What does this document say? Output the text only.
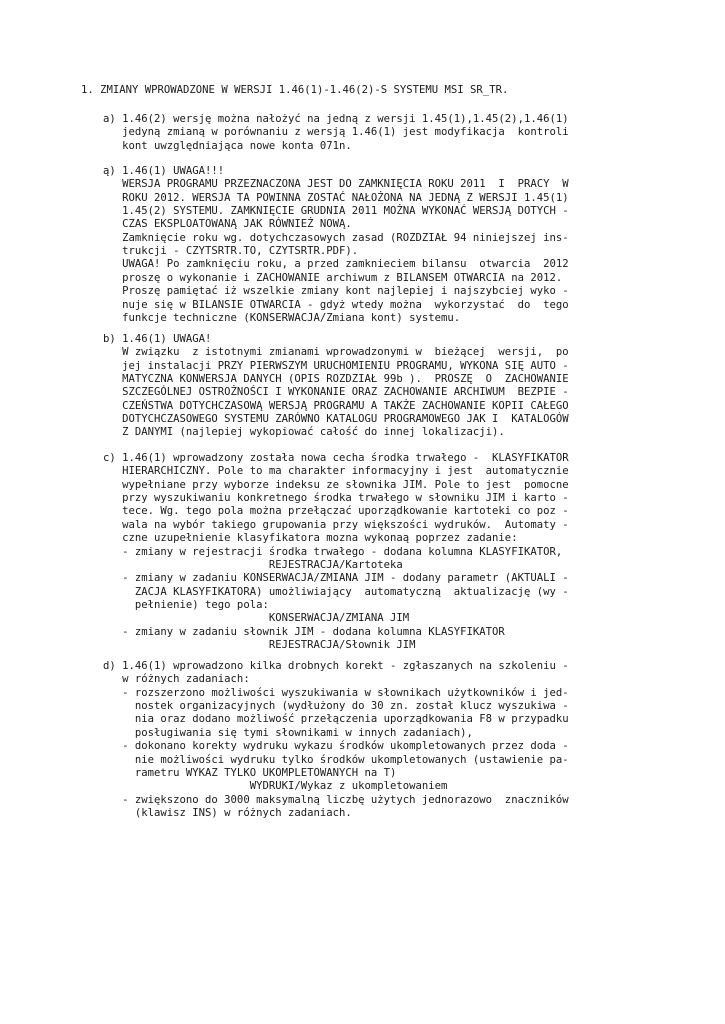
1. ZMIANY WPROWADZONE W WERSJI 1.46(1)-1.46(2)-S SYSTEMU MSI SR_TR.
a) 1.46(2) wersję można nałożyć na jedną z wersji 1.45(1),1.45(2),1.46(1)
jedyną zmianą w porównaniu z wersją 1.46(1) jest modyfikacja  kontroli
kont uwzględniająca nowe konta 071n.
ą) 1.46(1) UWAGA!!!
WERSJA PROGRAMU PRZEZNACZONA JEST DO ZAMKNIĘCIA ROKU 2011  I  PRACY  W
ROKU 2012. WERSJA TA POWINNA ZOSTAĆ NAŁOŻONA NA JEDNĄ Z WERSJI 1.45(1)
1.45(2) SYSTEMU. ZAMKNIĘCIE GRUDNIA 2011 MOŻNA WYKONAĆ WERSJĄ DOTYCH -
CZAS EKSPLOATOWANĄ JAK RÓWNIEŻ NOWĄ.
Zamknięcie roku wg. dotychczasowych zasad (ROZDZIAŁ 94 niniejszej ins-
trukcji - CZYTSRTR.TO, CZYTSRTR.PDF).
UWAGA! Po zamknięciu roku, a przed zamknieciem bilansu  otwarcia  2012
proszę o wykonanie i ZACHOWANIE archiwum z BILANSEM OTWARCIA na 2012.
Proszę pamiętać iż wszelkie zmiany kont najlepiej i najszybciej wyko -
nuje się w BILANSIE OTWARCIA - gdyż wtedy można  wykorzystać  do  tego
funkcje techniczne (KONSERWACJA/Zmiana kont) systemu.
b) 1.46(1) UWAGA!
W związku  z istotnymi zmianami wprowadzonymi w  bieżącej  wersji,  po
jej instalacji PRZY PIERWSZYM URUCHOMIENIU PROGRAMU, WYKONA SIĘ AUTO -
MATYCZNA KONWERSJA DANYCH (OPIS ROZDZIAŁ 99b ).  PROSZĘ  O  ZACHOWANIE
SZCZEGÓLNEJ OSTROŻNOŚCI I WYKONANIE ORAZ ZACHOWANIE ARCHIWUM  BEZPIE -
CZEŃSTWA DOTYCHCZASOWĄ WERSJĄ PROGRAMU A TAKŻE ZACHOWANIE KOPII CAŁEGO
DOTYCHCZASOWEGO SYSTEMU ZARÓWNO KATALOGU PROGRAMOWEGO JAK I  KATALOGÓW
Z DANYMI (najlepiej wykopiować całość do innej lokalizacji).
c) 1.46(1) wprowadzony została nowa cecha środka trwałego -  KLASYFIKATOR
HIERARCHICZNY. Pole to ma charakter informacyjny i jest  automatycznie
wypełniane przy wyborze indeksu ze słownika JIM. Pole to jest  pomocne
przy wyszukiwaniu konkretnego środka trwałego w słowniku JIM i karto -
tece. Wg. tego pola można przełączać uporządkowanie kartoteki co poz -
wala na wybór takiego grupowania przy większości wydruków.  Automaty -
czne uzupełnienie klasyfikatora mozna wykonaą poprzez zadanie:
- zmiany w rejestracji środka trwałego - dodana kolumna KLASYFIKATOR,
REJESTRACJA/Kartoteka
- zmiany w zadaniu KONSERWACJA/ZMIANA JIM - dodany parametr (AKTUALI -
ZACJA KLASYFIKATORA) umożliwiający  automatyczną  aktualizację (wy -
pełnienie) tego pola:
KONSERWACJA/ZMIANA JIM
- zmiany w zadaniu słownik JIM - dodana kolumna KLASYFIKATOR
REJESTRACJA/Słownik JIM
d) 1.46(1) wprowadzono kilka drobnych korekt - zgłaszanych na szkoleniu -
w różnych zadaniach:
- rozszerzono możliwości wyszukiwania w słownikach użytkowników i jed-
nostek organizacyjnych (wydłużony do 30 zn. został klucz wyszukiwa -
nia oraz dodano możliwość przełączenia uporządkowania F8 w przypadku
posługiwania się tymi słownikami w innych zadaniach),
- dokonano korekty wydruku wykazu środków ukompletowanych przez doda -
nie możliwości wydruku tylko środków ukompletowanych (ustawienie pa-
rametru WYKAZ TYLKO UKOMPLETOWANYCH na T)
WYDRUKI/Wykaz z ukompletowaniem
- zwiększono do 3000 maksymalną liczbę użytych jednorazowo  znaczników
(klawisz INS) w różnych zadaniach.
